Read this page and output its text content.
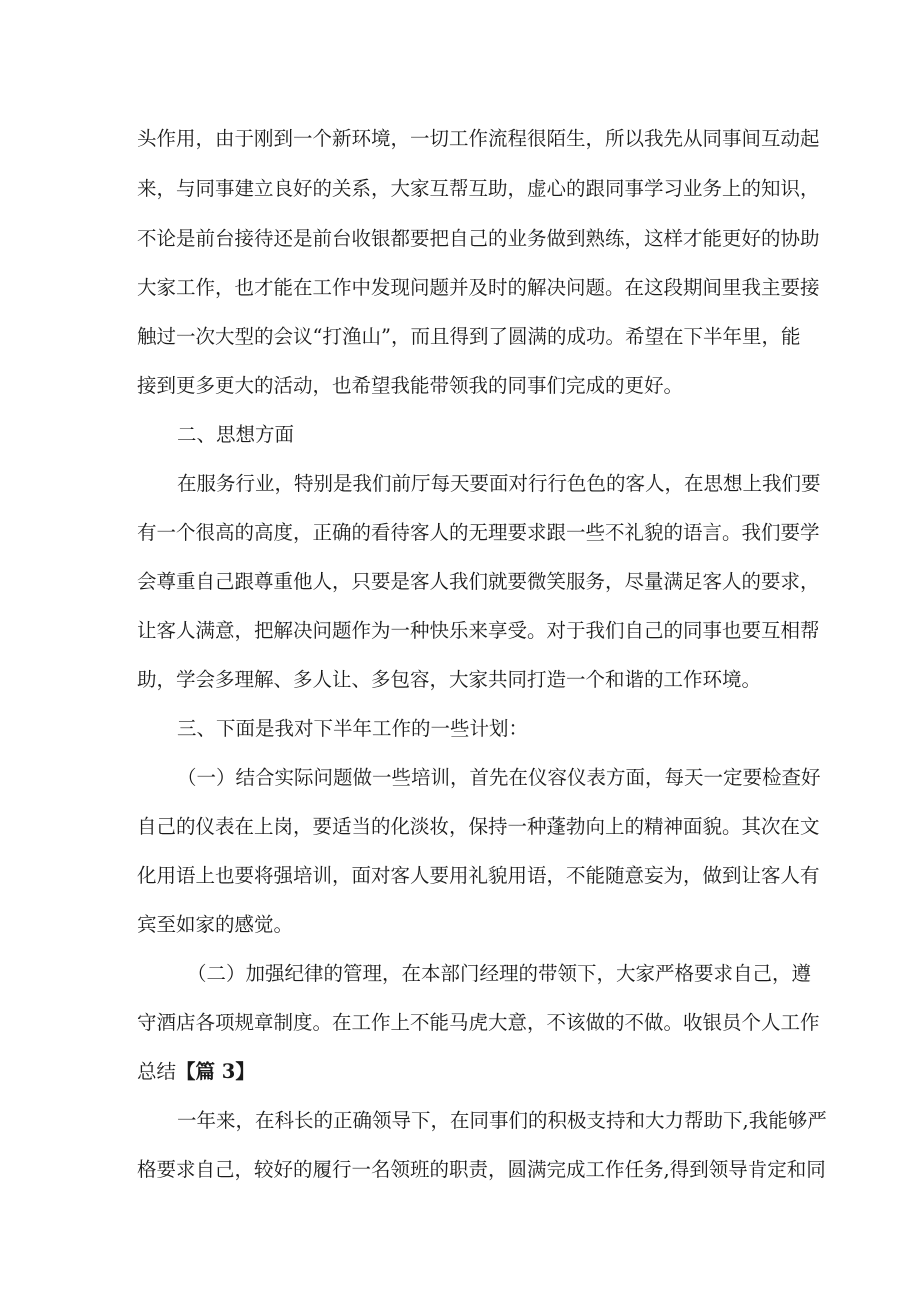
头作用，由于刚到一个新环境，一切工作流程很陌生，所以我先从同事间互动起
来，与同事建立良好的关系，大家互帮互助，虚心的跟同事学习业务上的知识，
不论是前台接待还是前台收银都要把自己的业务做到熟练，这样才能更好的协助
大家工作，也才能在工作中发现问题并及时的解决问题。在这段期间里我主要接
触过一次大型的会议“打渔山”，而且得到了圆满的成功。希望在下半年里，能
接到更多更大的活动，也希望我能带领我的同事们完成的更好。
二、思想方面
在服务行业，特别是我们前厅每天要面对行行色色的客人，在思想上我们要
有一个很高的高度，正确的看待客人的无理要求跟一些不礼貌的语言。我们要学
会尊重自己跟尊重他人，只要是客人我们就要微笑服务，尽量满足客人的要求，
让客人满意，把解决问题作为一种快乐来享受。对于我们自己的同事也要互相帮
助，学会多理解、多人让、多包容，大家共同打造一个和谐的工作环境。
三、下面是我对下半年工作的一些计划：
（一）结合实际问题做一些培训，首先在仪容仪表方面，每天一定要检查好
自己的仪表在上岗，要适当的化淡妆，保持一种蓬勃向上的精神面貌。其次在文
化用语上也要将强培训，面对客人要用礼貌用语，不能随意妄为，做到让客人有
宾至如家的感觉。
（二）加强纪律的管理，在本部门经理的带领下，大家严格要求自己，遵
守酒店各项规章制度。在工作上不能马虎大意，不该做的不做。收银员个人工作
总结【篇 3】
一年来，在科长的正确领导下，在同事们的积极支持和大力帮助下,我能够严
格要求自己，较好的履行一名领班的职责，圆满完成工作任务,得到领导肯定和同
